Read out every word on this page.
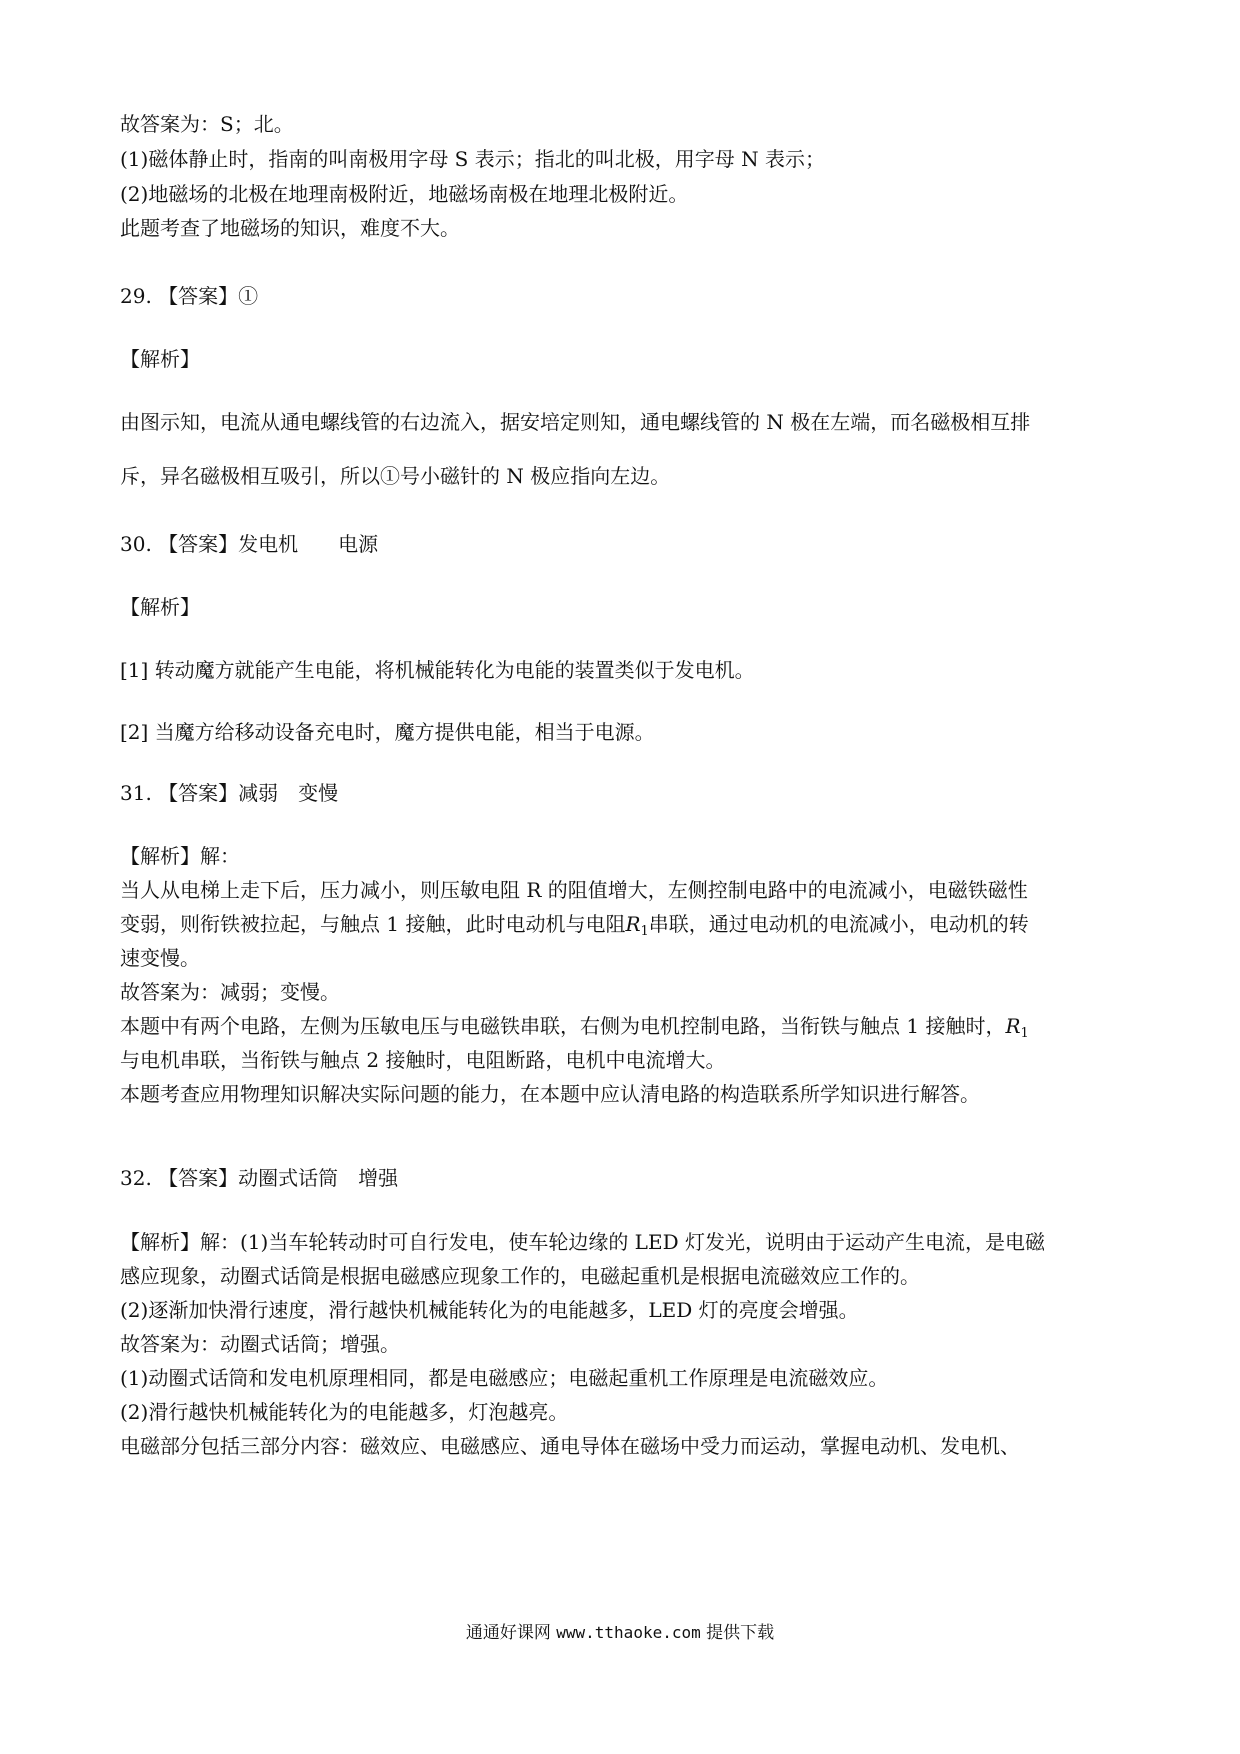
故答案为：S；北。
(1)磁体静止时，指南的叫南极用字母 S 表示；指北的叫北极，用字母 N 表示；
(2)地磁场的北极在地理南极附近，地磁场南极在地理北极附近。
此题考查了地磁场的知识，难度不大。
29. 【答案】①
【解析】
由图示知，电流从通电螺线管的右边流入，据安培定则知，通电螺线管的 N 极在左端，而名磁极相互排
斥，异名磁极相互吸引，所以①号小磁针的 N 极应指向左边。
30. 【答案】发电机　　电源
【解析】
[1] 转动魔方就能产生电能，将机械能转化为电能的装置类似于发电机。
[2] 当魔方给移动设备充电时，魔方提供电能，相当于电源。
31. 【答案】减弱　变慢
【解析】解：
当人从电梯上走下后，压力减小，则压敏电阻 R 的阻值增大，左侧控制电路中的电流减小，电磁铁磁性
变弱，则衔铁被拉起，与触点 1 接触，此时电动机与电阻$R_1$串联，通过电动机的电流减小，电动机的转
速变慢。
故答案为：减弱；变慢。
本题中有两个电路，左侧为压敏电压与电磁铁串联，右侧为电机控制电路，当衔铁与触点 1 接触时，$R_1$
与电机串联，当衔铁与触点 2 接触时，电阻断路，电机中电流增大。
本题考查应用物理知识解决实际问题的能力，在本题中应认清电路的构造联系所学知识进行解答。
32. 【答案】动圈式话筒　增强
【解析】解：(1)当车轮转动时可自行发电，使车轮边缘的 LED 灯发光，说明由于运动产生电流，是电磁
感应现象，动圈式话筒是根据电磁感应现象工作的，电磁起重机是根据电流磁效应工作的。
(2)逐渐加快滑行速度，滑行越快机械能转化为的电能越多，LED 灯的亮度会增强。
故答案为：动圈式话筒；增强。
(1)动圈式话筒和发电机原理相同，都是电磁感应；电磁起重机工作原理是电流磁效应。
(2)滑行越快机械能转化为的电能越多，灯泡越亮。
电磁部分包括三部分内容：磁效应、电磁感应、通电导体在磁场中受力而运动，掌握电动机、发电机、
通通好课网 www.tthaoke.com 提供下载
